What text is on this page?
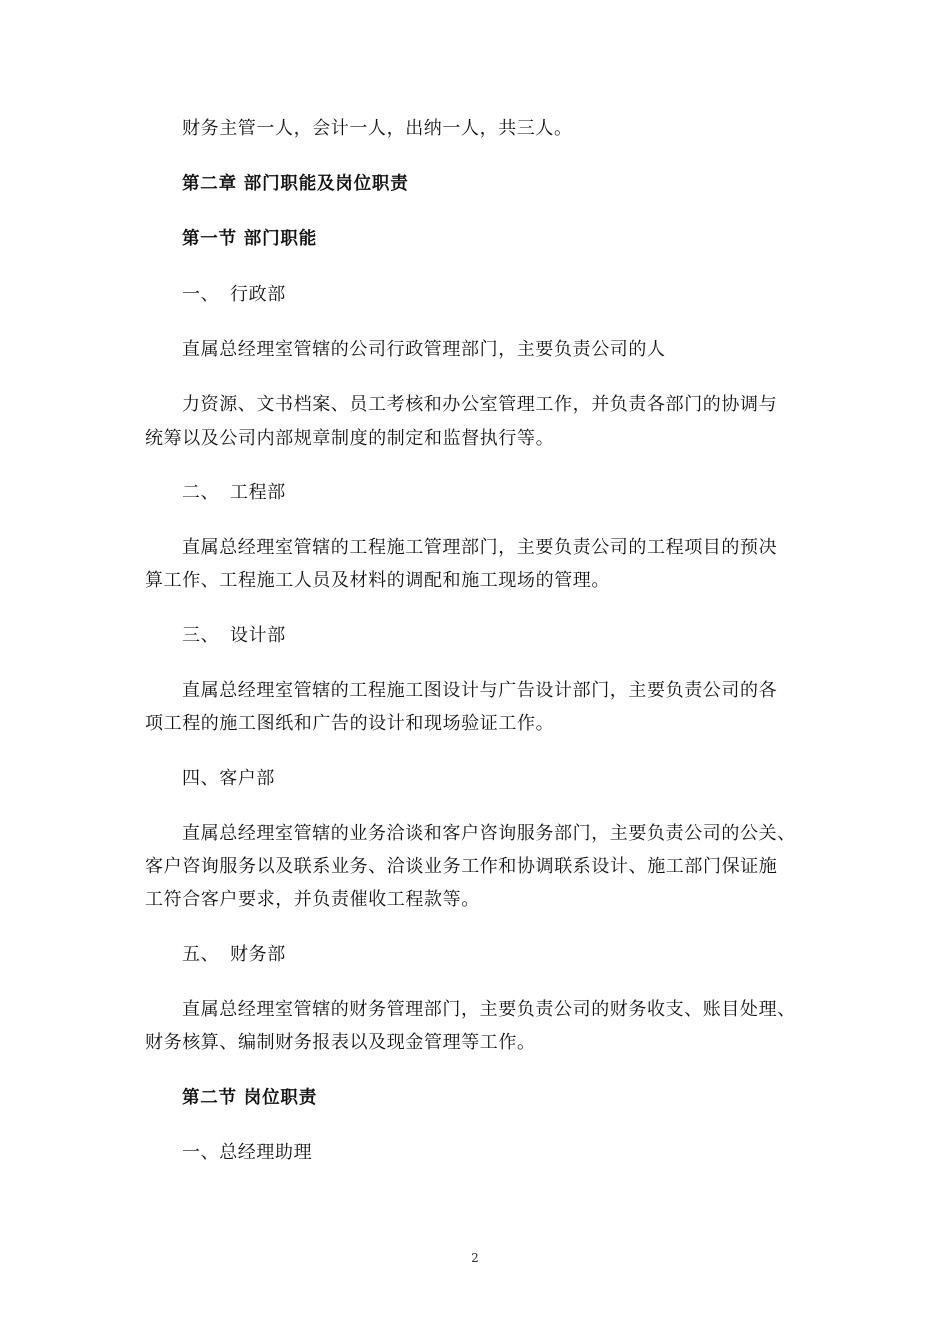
财务主管一人，会计一人，出纳一人，共三人。
第二章 部门职能及岗位职责
第一节 部门职能
一、 行政部
直属总经理室管辖的公司行政管理部门，主要负责公司的人
力资源、文书档案、员工考核和办公室管理工作，并负责各部门的协调与
统筹以及公司内部规章制度的制定和监督执行等。
二、 工程部
直属总经理室管辖的工程施工管理部门，主要负责公司的工程项目的预决
算工作、工程施工人员及材料的调配和施工现场的管理。
三、 设计部
直属总经理室管辖的工程施工图设计与广告设计部门，主要负责公司的各
项工程的施工图纸和广告的设计和现场验证工作。
四、客户部
直属总经理室管辖的业务洽谈和客户咨询服务部门，主要负责公司的公关、
客户咨询服务以及联系业务、洽谈业务工作和协调联系设计、施工部门保证施
工符合客户要求，并负责催收工程款等。
五、 财务部
直属总经理室管辖的财务管理部门，主要负责公司的财务收支、账目处理、
财务核算、编制财务报表以及现金管理等工作。
第二节 岗位职责
一、总经理助理
2
